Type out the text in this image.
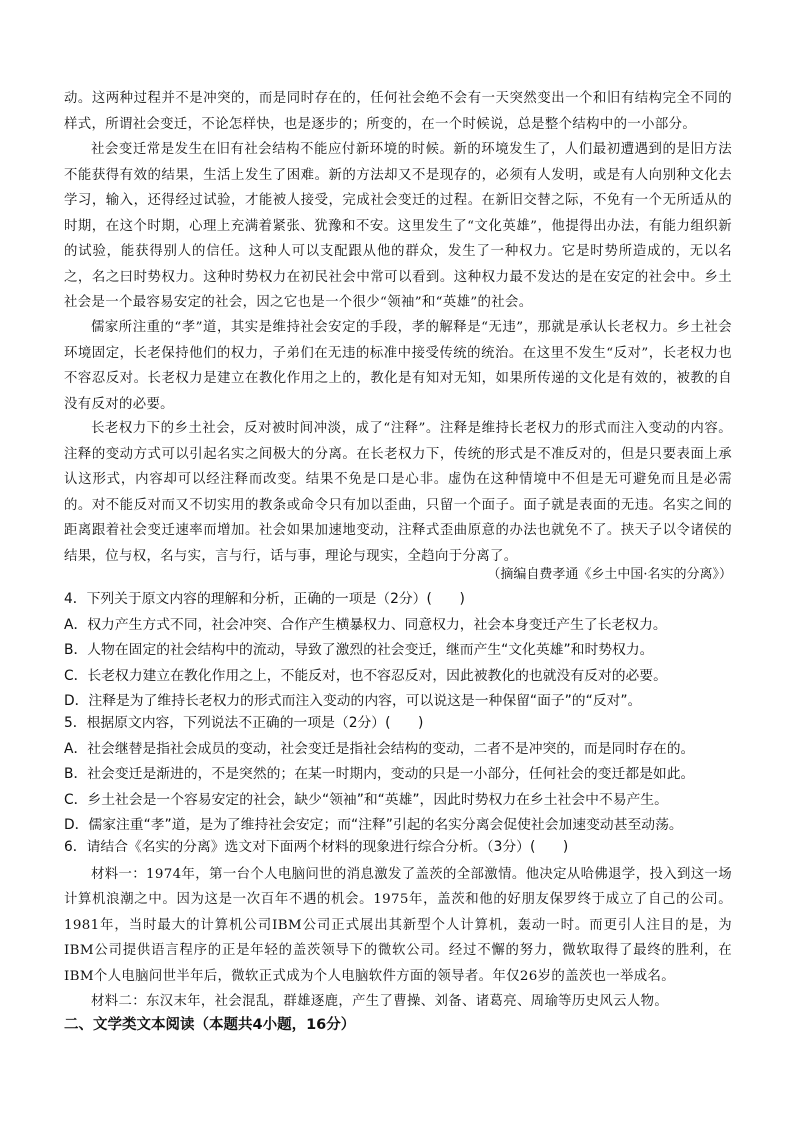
动。这两种过程并不是冲突的，而是同时存在的，任何社会绝不会有一天突然变出一个和旧有结构完全不同的样式，所谓社会变迁，不论怎样快，也是逐步的；所变的，在一个时候说，总是整个结构中的一小部分。

社会变迁常是发生在旧有社会结构不能应付新环境的时候。新的环境发生了，人们最初遭遇到的是旧方法不能获得有效的结果，生活上发生了困难。新的方法却又不是现存的，必须有人发明，或是有人向别种文化去学习，输入，还得经过试验，才能被人接受，完成社会变迁的过程。在新旧交替之际，不免有一个无所适从的时期，在这个时期，心理上充满着紧张、犹豫和不安。这里发生了“文化英雄”，他提得出办法，有能力组织新的试验，能获得别人的信任。这种人可以支配跟从他的群众，发生了一种权力。它是时势所造成的，无以名之，名之曰时势权力。这种时势权力在初民社会中常可以看到。这种权力最不发达的是在安定的社会中。乡土社会是一个最容易安定的社会，因之它也是一个很少“领袖”和“英雄”的社会。

儒家所注重的“孝”道，其实是维持社会安定的手段，孝的解释是“无违”，那就是承认长老权力。乡土社会环境固定，长老保持他们的权力，子弟们在无违的标准中接受传统的统治。在这里不发生“反对”，长老权力也不容忍反对。长老权力是建立在教化作用之上的，教化是有知对无知，如果所传递的文化是有效的，被教的自没有反对的必要。

长老权力下的乡土社会，反对被时间冲淡，成了“注释”。注释是维持长老权力的形式而注入变动的内容。注释的变动方式可以引起名实之间极大的分离。在长老权力下，传统的形式是不准反对的，但是只要表面上承认这形式，内容却可以经注释而改变。结果不免是口是心非。虚伪在这种情境中不但是无可避免而且是必需的。对不能反对而又不切实用的教条或命令只有加以歪曲，只留一个面子。面子就是表面的无违。名实之间的距离跟着社会变迁速率而增加。社会如果加速地变动，注释式歪曲原意的办法也就免不了。挟天子以令诸侯的结果，位与权，名与实，言与行，话与事，理论与现实，全趋向于分离了。

（摘编自费孝通《乡土中国·名实的分离》）

4．下列关于原文内容的理解和分析，正确的一项是（2分）(　　)

A．权力产生方式不同，社会冲突、合作产生横暴权力、同意权力，社会本身变迁产生了长老权力。

B．人物在固定的社会结构中的流动，导致了激烈的社会变迁，继而产生“文化英雄”和时势权力。

C．长老权力建立在教化作用之上，不能反对，也不容忍反对，因此被教化的也就没有反对的必要。

D．注释是为了维持长老权力的形式而注入变动的内容，可以说这是一种保留“面子”的“反对”。

5．根据原文内容，下列说法不正确的一项是（2分）(　　)

A．社会继替是指社会成员的变动，社会变迁是指社会结构的变动，二者不是冲突的，而是同时存在的。

B．社会变迁是渐进的，不是突然的；在某一时期内，变动的只是一小部分，任何社会的变迁都是如此。

C．乡土社会是一个容易安定的社会，缺少“领袖”和“英雄”，因此时势权力在乡土社会中不易产生。

D．儒家注重“孝”道，是为了维持社会安定；而“注释”引起的名实分离会促使社会加速变动甚至动荡。

6．请结合《名实的分离》选文对下面两个材料的现象进行综合分析。（3分）(　　)

材料一：1974年，第一台个人电脑问世的消息激发了盖茨的全部激情。他决定从哈佛退学，投入到这一场计算机浪潮之中。因为这是一次百年不遇的机会。1975年，盖茨和他的好朋友保罗终于成立了自己的公司。1981年，当时最大的计算机公司IBM公司正式展出其新型个人计算机，轰动一时。而更引人注目的是，为IBM公司提供语言程序的正是年轻的盖茨领导下的微软公司。经过不懈的努力，微软取得了最终的胜利，在IBM个人电脑问世半年后，微软正式成为个人电脑软件方面的领导者。年仅26岁的盖茨也一举成名。

材料二：东汉末年，社会混乱，群雄逐鹿，产生了曹操、刘备、诸葛亮、周瑜等历史风云人物。

二、文学类文本阅读（本题共4小题，16分）
